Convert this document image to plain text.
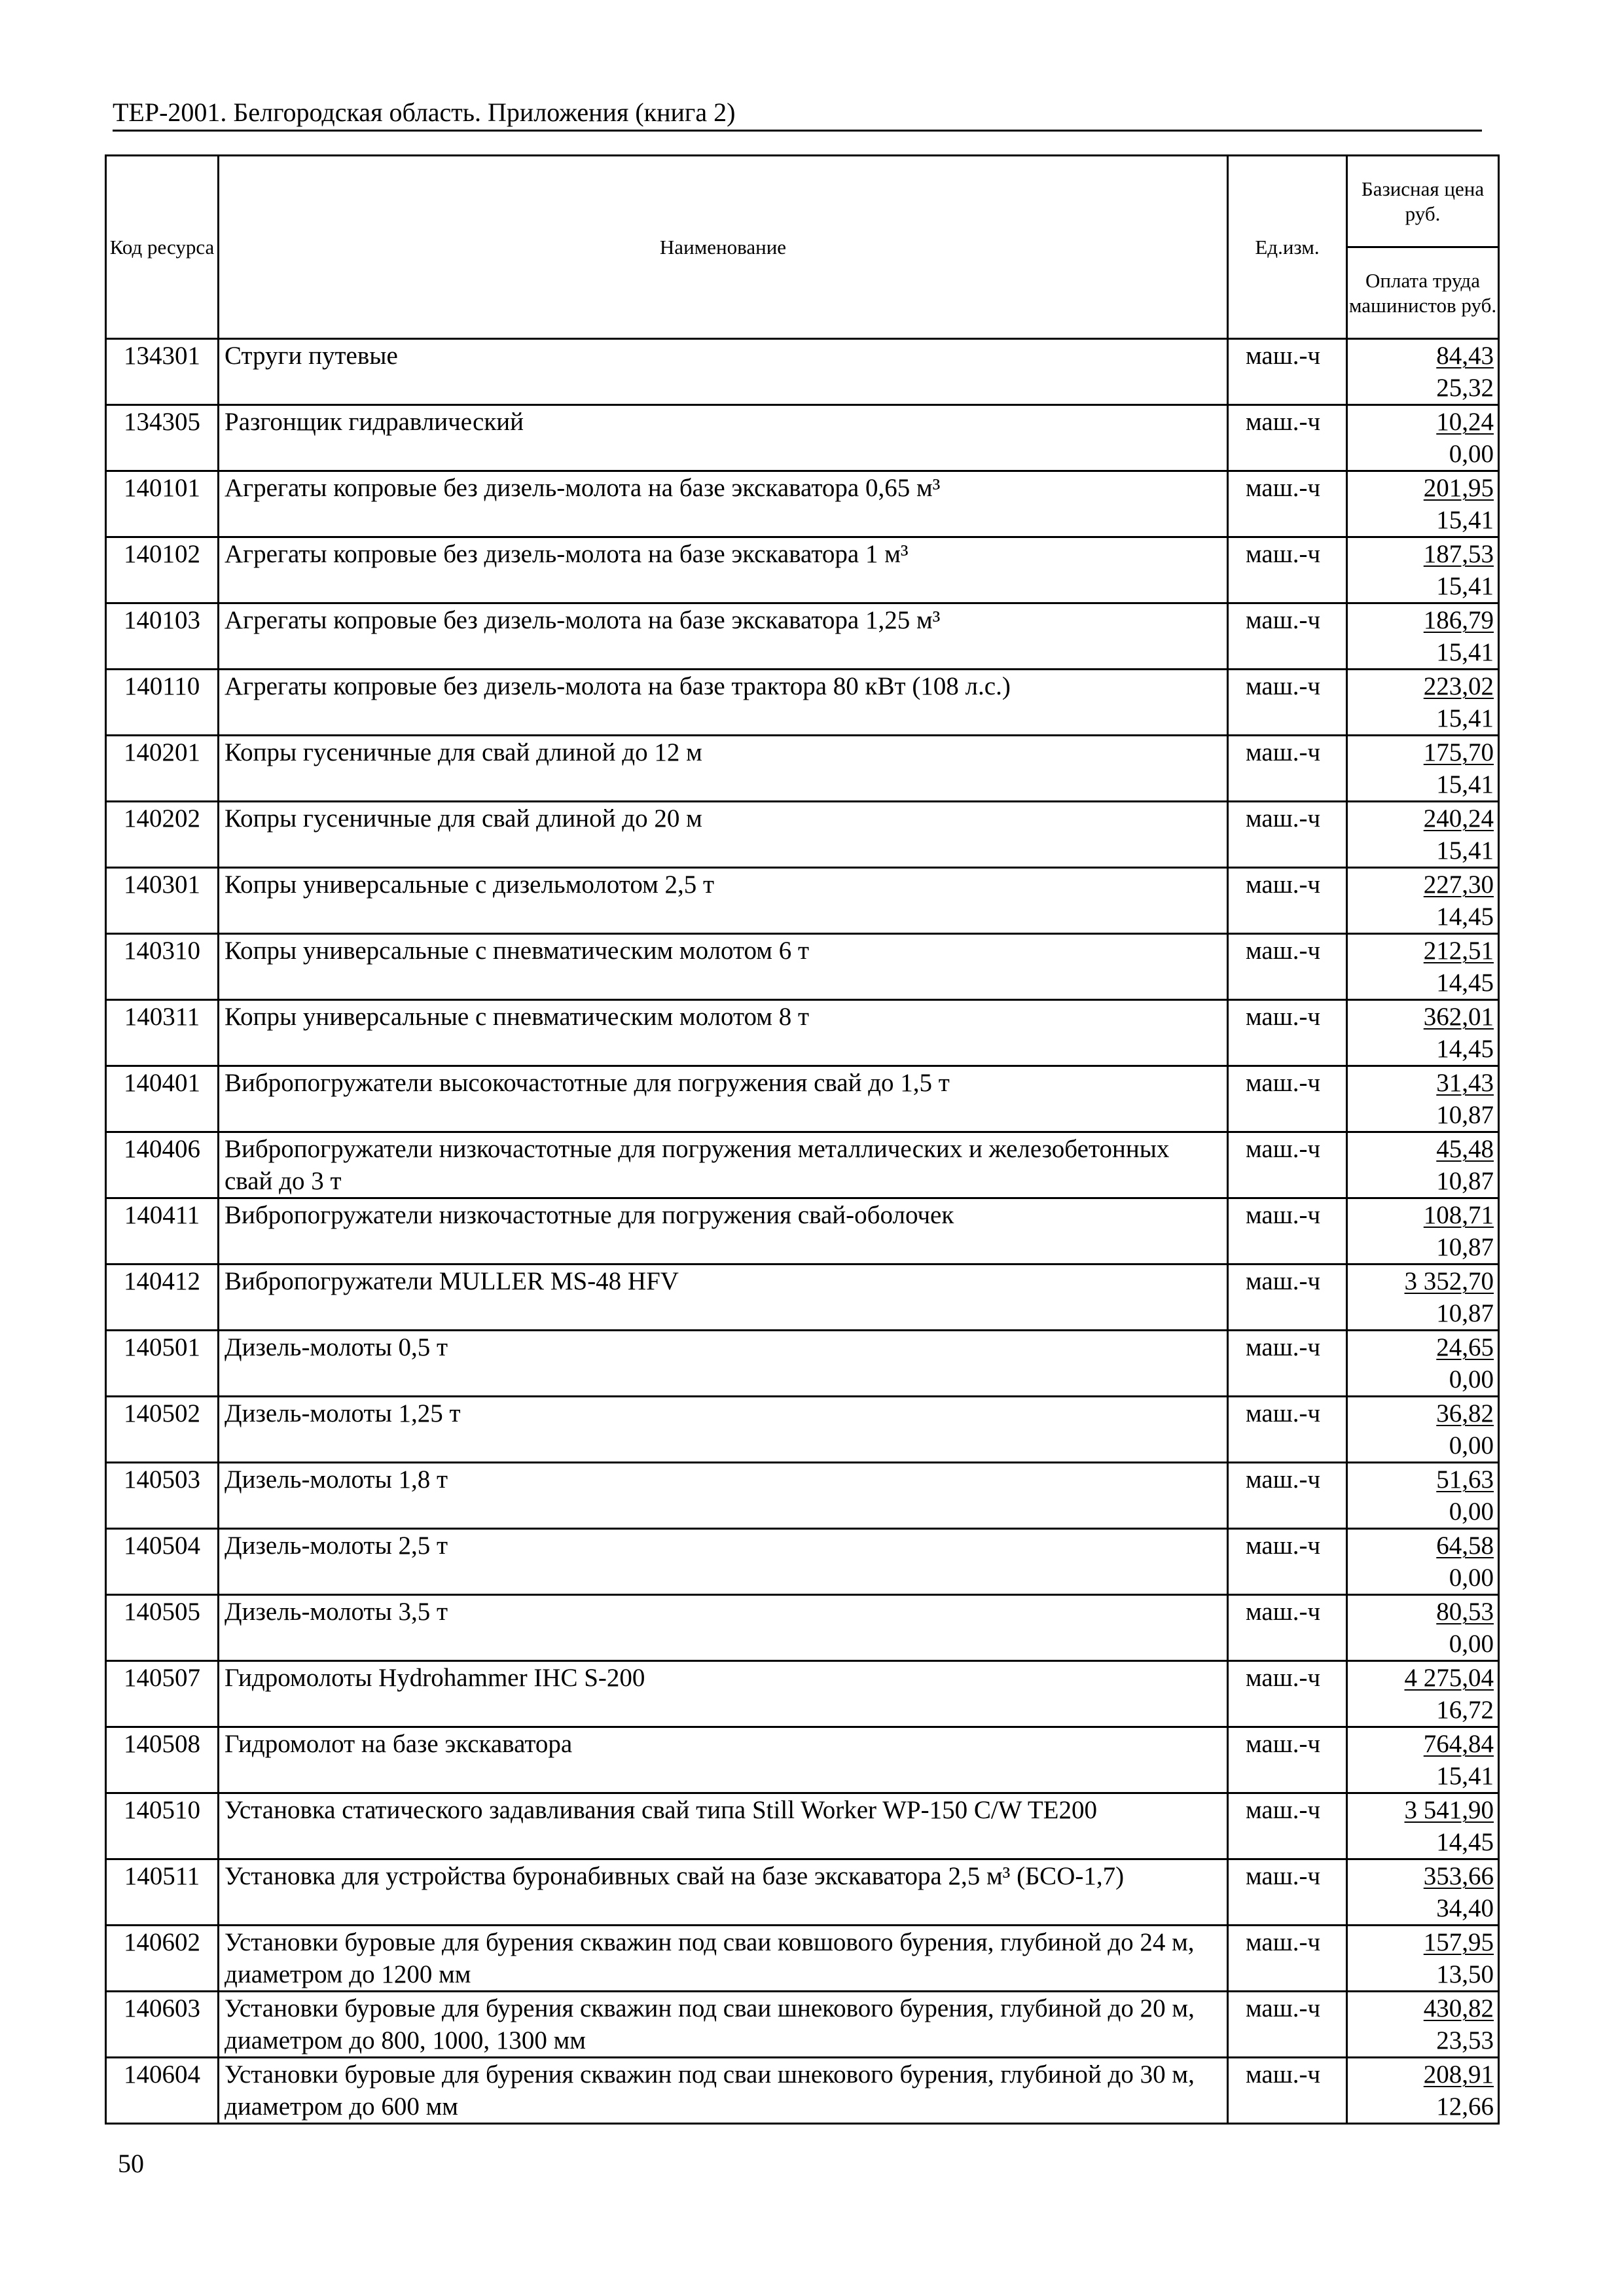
ТЕР-2001. Белгородская область. Приложения (книга 2)
Код ресурса	Наименование	Ед.изм.	Базисная цена руб.
			Оплата труда машинистов руб.
134301	Струги путевые	маш.-ч	84,43
25,32

134305	Разгонщик гидравлический	маш.-ч	10,24
0,00

140101	Агрегаты копровые без дизель-молота на базе экскаватора 0,65 м³	маш.-ч	201,95
15,41

140102	Агрегаты копровые без дизель-молота на базе экскаватора 1 м³	маш.-ч	187,53
15,41

140103	Агрегаты копровые без дизель-молота на базе экскаватора 1,25 м³	маш.-ч	186,79
15,41

140110	Агрегаты копровые без дизель-молота на базе трактора 80 кВт (108 л.с.)	маш.-ч	223,02
15,41

140201	Копры гусеничные для свай длиной до 12 м	маш.-ч	175,70
15,41

140202	Копры гусеничные для свай длиной до 20 м	маш.-ч	240,24
15,41

140301	Копры универсальные с дизельмолотом 2,5 т	маш.-ч	227,30
14,45

140310	Копры универсальные с пневматическим молотом 6 т	маш.-ч	212,51
14,45

140311	Копры универсальные с пневматическим молотом 8 т	маш.-ч	362,01
14,45

140401	Вибропогружатели высокочастотные для погружения свай до 1,5 т	маш.-ч	31,43
10,87

140406	Вибропогружатели низкочастотные для погружения металлических и железобетонных свай до 3 т	маш.-ч	45,48
10,87

140411	Вибропогружатели низкочастотные для погружения свай-оболочек	маш.-ч	108,71
10,87

140412	Вибропогружатели MULLER MS-48 HFV	маш.-ч	3 352,70
10,87

140501	Дизель-молоты 0,5 т	маш.-ч	24,65
0,00

140502	Дизель-молоты 1,25 т	маш.-ч	36,82
0,00

140503	Дизель-молоты 1,8 т	маш.-ч	51,63
0,00

140504	Дизель-молоты 2,5 т	маш.-ч	64,58
0,00

140505	Дизель-молоты 3,5 т	маш.-ч	80,53
0,00

140507	Гидромолоты Hydrohammer IHC S-200	маш.-ч	4 275,04
16,72

140508	Гидромолот на базе экскаватора	маш.-ч	764,84
15,41

140510	Установка статического задавливания свай типа Still Worker WP-150 C/W TE200	маш.-ч	3 541,90
14,45

140511	Установка для устройства буронабивных свай на базе экскаватора 2,5 м³ (БСО-1,7)	маш.-ч	353,66
34,40

140602	Установки буровые для бурения скважин под сваи ковшового бурения, глубиной до 24 м, диаметром до 1200 мм	маш.-ч	157,95
13,50

140603	Установки буровые для бурения скважин под сваи шнекового бурения, глубиной до 20 м, диаметром до 800, 1000, 1300 мм	маш.-ч	430,82
23,53

140604	Установки буровые для бурения скважин под сваи шнекового бурения, глубиной до 30 м, диаметром до 600 мм	маш.-ч	208,91
12,66
50
